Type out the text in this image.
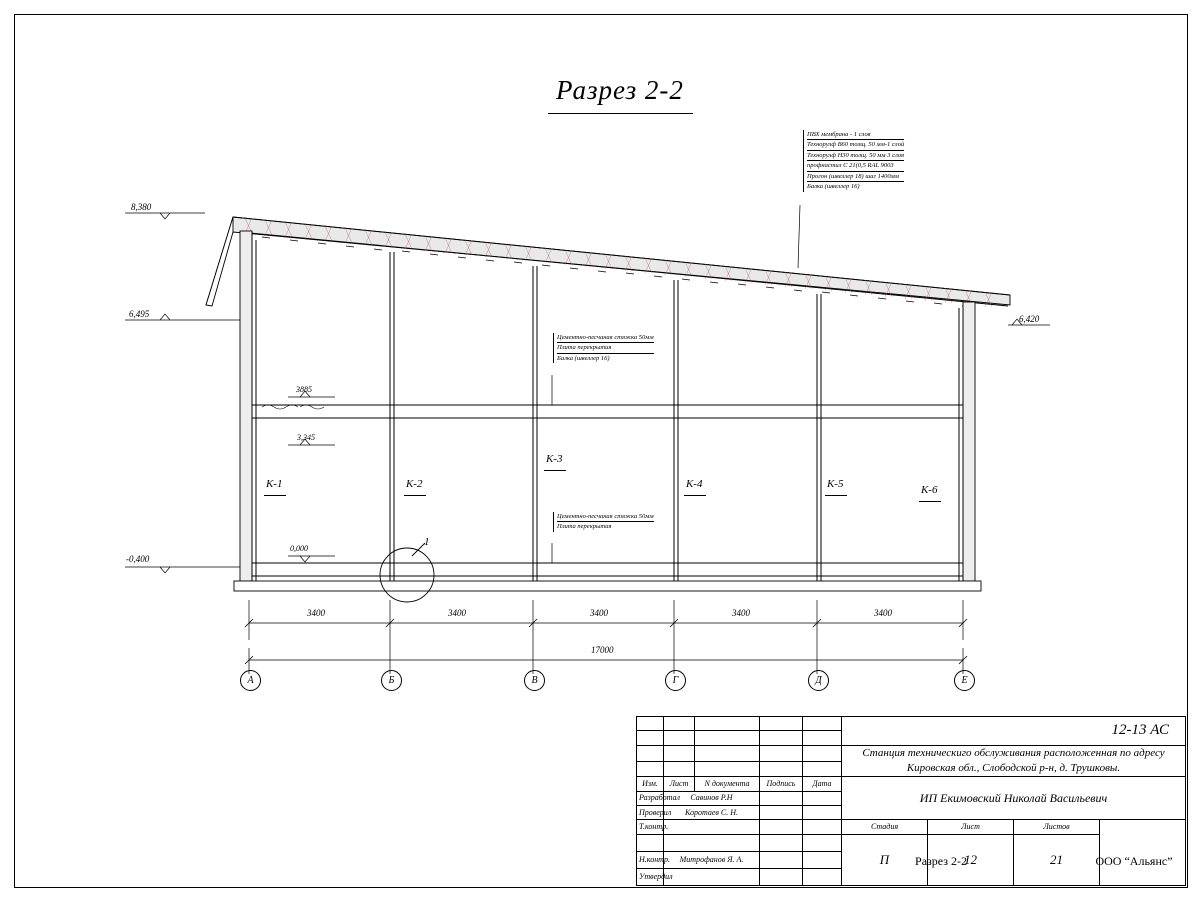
Разрез 2-2
8,380
6,495	6,420
-0,400
3885
3,345
0,000
ПВХ мембрана - 1 слоя
Технорулф В60 толщ. 50 мм-1 слой
Технорулф Н30 толщ. 50 мм 3 слоя
профнастил С 21(0,5 RAL 9003
Прогон (швеллер 18) шаг 1400мм
Балка (швеллер 16)
Цементно-песчаная стяжка 50мм
Плита перекрытия
Балка (швеллер 16)
Цементно-песчаная стяжка 50мм
Плита перекрытия
К-1	К-2
К-3
К-4	К-5	К-6
1
3400	3400	3400	3400	3400
17000
А	Б	В	Г	Д	Е

					12-13 АС			

					Станция техническиго обслуживания расположенная по адресу			
					Кировская обл., Слободской р-н, д. Трушковы.			
Изм.	Лист	N документа	Подпись	Дата	ИП Екимовский Николай Васильевич			
Разработал	Савинов Р.Н							
Проверил	Коротаев С. Н.							
Т.контр.					Стадия	Лист	Листов	
					П	12	21	
Н.контр.	Митрофанов Я. А.							
Утвердил								
Разрез 2-2	ООО “Альянс”
